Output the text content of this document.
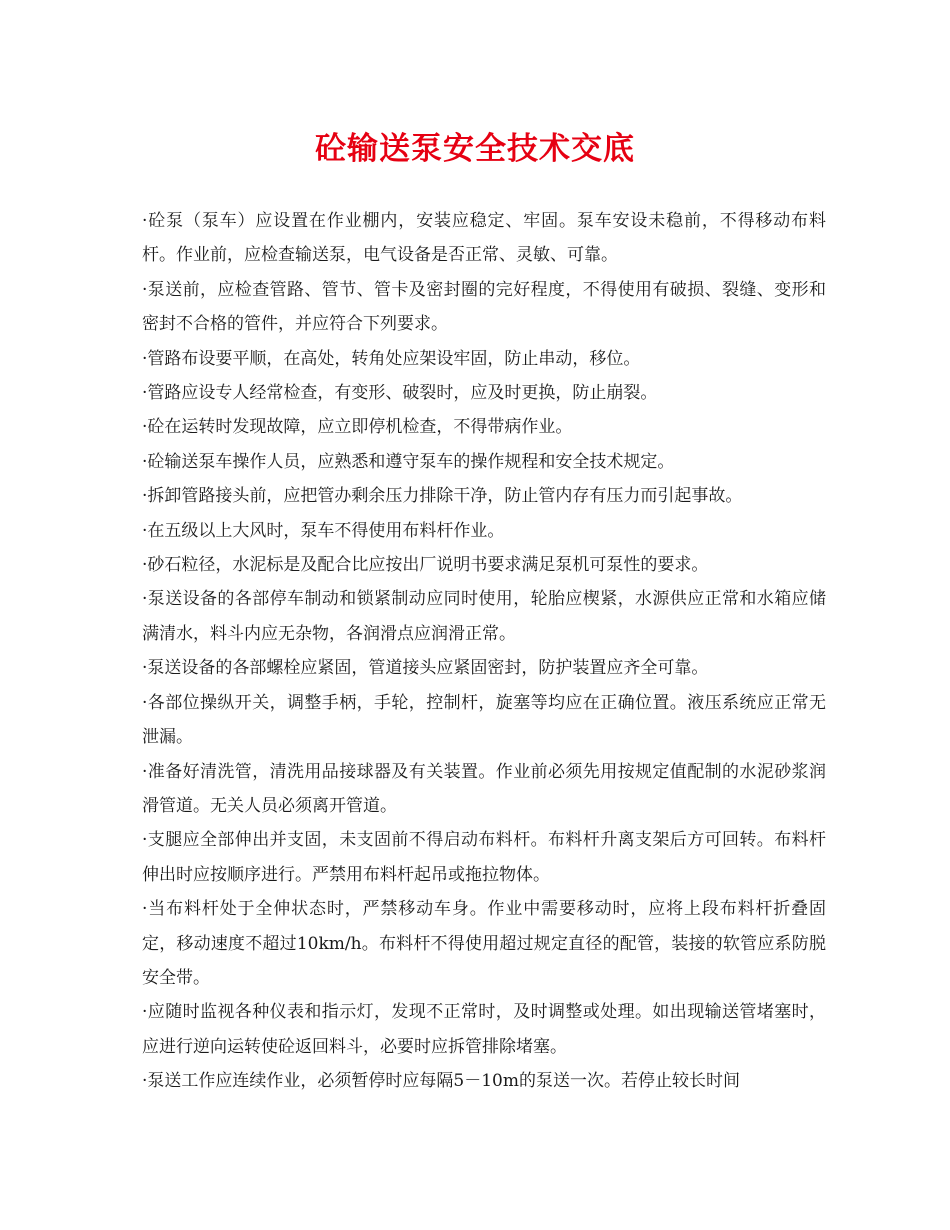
砼输送泵安全技术交底

·砼泵（泵车）应设置在作业棚内，安装应稳定、牢固。泵车安设未稳前，不得移动布料杆。作业前，应检查输送泵，电气设备是否正常、灵敏、可靠。

·泵送前，应检查管路、管节、管卡及密封圈的完好程度，不得使用有破损、裂缝、变形和密封不合格的管件，并应符合下列要求。

·管路布设要平顺，在高处，转角处应架设牢固，防止串动，移位。

·管路应设专人经常检查，有变形、破裂时，应及时更换，防止崩裂。

·砼在运转时发现故障，应立即停机检查，不得带病作业。

·砼输送泵车操作人员，应熟悉和遵守泵车的操作规程和安全技术规定。

·拆卸管路接头前，应把管办剩余压力排除干净，防止管内存有压力而引起事故。

·在五级以上大风时，泵车不得使用布料杆作业。

·砂石粒径，水泥标是及配合比应按出厂说明书要求满足泵机可泵性的要求。

·泵送设备的各部停车制动和锁紧制动应同时使用，轮胎应楔紧，水源供应正常和水箱应储满清水，料斗内应无杂物，各润滑点应润滑正常。

·泵送设备的各部螺栓应紧固，管道接头应紧固密封，防护装置应齐全可靠。

·各部位操纵开关，调整手柄，手轮，控制杆，旋塞等均应在正确位置。液压系统应正常无泄漏。

·准备好清洗管，清洗用品接球器及有关装置。作业前必须先用按规定值配制的水泥砂浆润滑管道。无关人员必须离开管道。

·支腿应全部伸出并支固，未支固前不得启动布料杆。布料杆升离支架后方可回转。布料杆伸出时应按顺序进行。严禁用布料杆起吊或拖拉物体。

·当布料杆处于全伸状态时，严禁移动车身。作业中需要移动时，应将上段布料杆折叠固定，移动速度不超过10km/h。布料杆不得使用超过规定直径的配管，装接的软管应系防脱安全带。

·应随时监视各种仪表和指示灯，发现不正常时，及时调整或处理。如出现输送管堵塞时，应进行逆向运转使砼返回料斗，必要时应拆管排除堵塞。

·泵送工作应连续作业，必须暂停时应每隔5－10m的泵送一次。若停止较长时间
